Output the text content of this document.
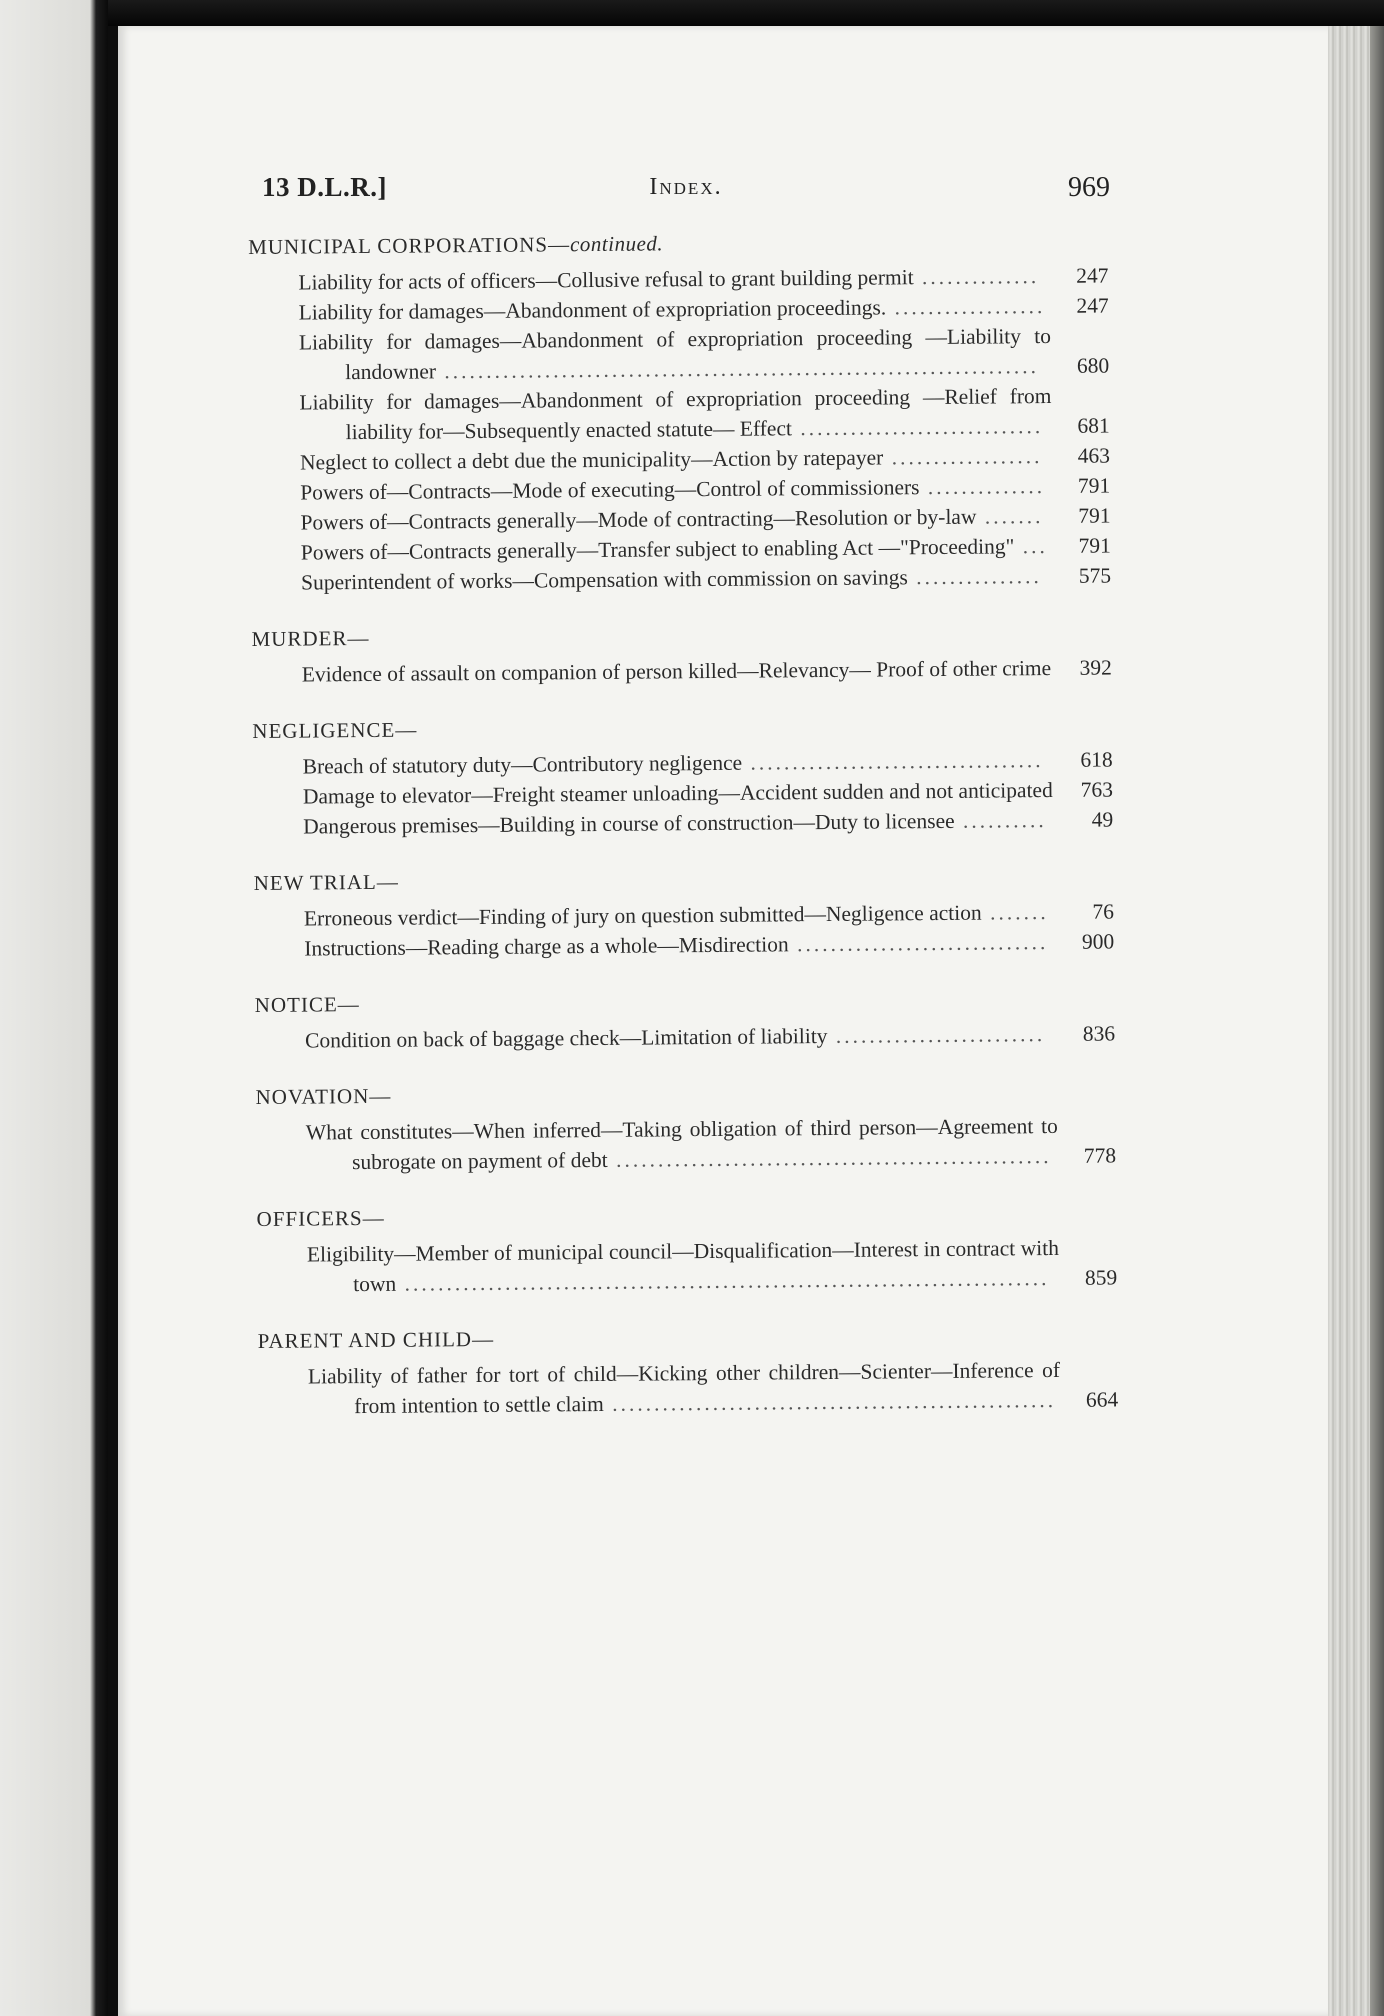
13 D.L.R.]	Index.	969
MUNICIPAL CORPORATIONS—continued.
Liability for acts of officers—Collusive refusal to grant building permit ..............	247
Liability for damages—Abandonment of expropriation proceedings. ..................	247
Liability for damages—Abandonment of expropriation proceeding —Liability to landowner .......................................................................	680
Liability for damages—Abandonment of expropriation proceeding —Relief from liability for—Subsequently enacted statute— Effect .............................	681
Neglect to collect a debt due the municipality—Action by ratepayer ..................	463
Powers of—Contracts—Mode of executing—Control of commissioners ..............	791
Powers of—Contracts generally—Mode of contracting—Resolution or by-law .......	791
Powers of—Contracts generally—Transfer subject to enabling Act —"Proceeding" ...	791
Superintendent of works—Compensation with commission on savings ...............	575
MURDER—
Evidence of assault on companion of person killed—Relevancy— Proof of other crime	392
NEGLIGENCE—
Breach of statutory duty—Contributory negligence ...................................	618
Damage to elevator—Freight steamer unloading—Accident sudden and not anticipated	763
Dangerous premises—Building in course of construction—Duty to licensee ..........	49
NEW TRIAL—
Erroneous verdict—Finding of jury on question submitted—Negligence action .......	76
Instructions—Reading charge as a whole—Misdirection ..............................	900
NOTICE—
Condition on back of baggage check—Limitation of liability .........................	836
NOVATION—
What constitutes—When inferred—Taking obligation of third person—Agreement to subrogate on payment of debt ....................................................	778
OFFICERS—
Eligibility—Member of municipal council—Disqualification—Interest in contract with town .............................................................................	859
PARENT AND CHILD—
Liability of father for tort of child—Kicking other children—Scienter—Inference of from intention to settle claim .....................................................	664
